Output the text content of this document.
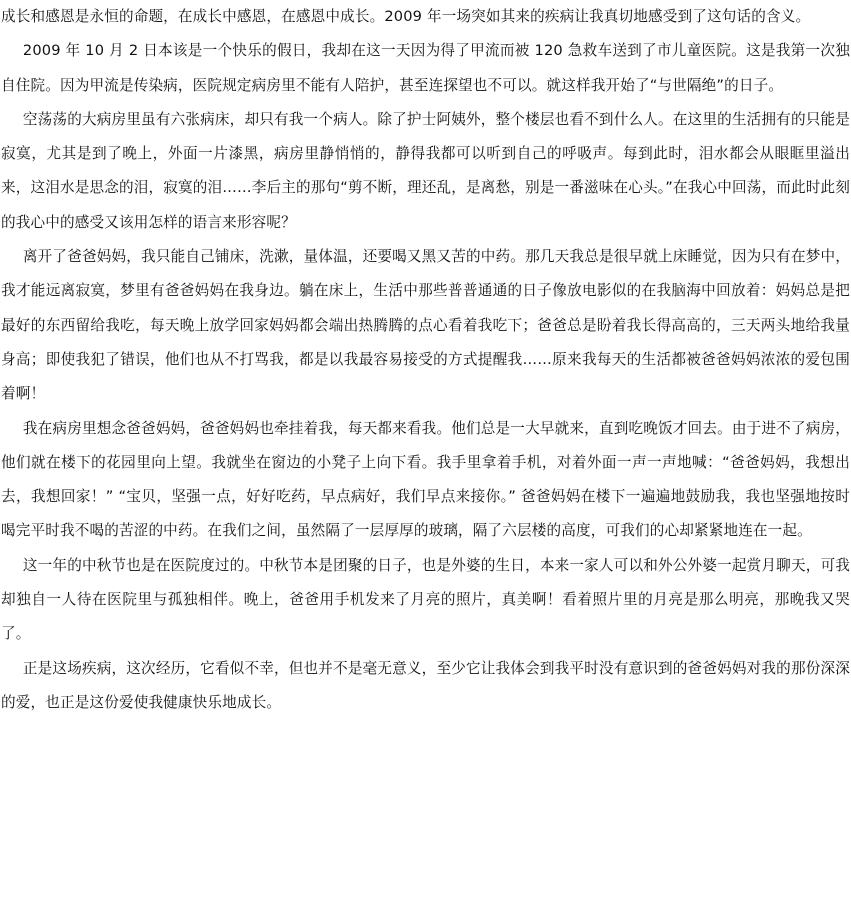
成长和感恩是永恒的命题，在成长中感恩，在感恩中成长。2009 年一场突如其来的疾病让我真切地感受到了这句话的含义。

2009 年 10 月 2 日本该是一个快乐的假日，我却在这一天因为得了甲流而被 120 急救车送到了市儿童医院。这是我第一次独自住院。因为甲流是传染病，医院规定病房里不能有人陪护，甚至连探望也不可以。就这样我开始了“与世隔绝”的日子。

空荡荡的大病房里虽有六张病床，却只有我一个病人。除了护士阿姨外，整个楼层也看不到什么人。在这里的生活拥有的只能是寂寞，尤其是到了晚上，外面一片漆黑，病房里静悄悄的，静得我都可以听到自己的呼吸声。每到此时，泪水都会从眼眶里溢出来，这泪水是思念的泪，寂寞的泪……李后主的那句“剪不断，理还乱，是离愁，别是一番滋味在心头。”在我心中回荡，而此时此刻的我心中的感受又该用怎样的语言来形容呢？

离开了爸爸妈妈，我只能自己铺床，洗漱，量体温，还要喝又黑又苦的中药。那几天我总是很早就上床睡觉，因为只有在梦中，我才能远离寂寞，梦里有爸爸妈妈在我身边。躺在床上，生活中那些普普通通的日子像放电影似的在我脑海中回放着：妈妈总是把最好的东西留给我吃，每天晚上放学回家妈妈都会端出热腾腾的点心看着我吃下；爸爸总是盼着我长得高高的，三天两头地给我量身高；即使我犯了错误，他们也从不打骂我，都是以我最容易接受的方式提醒我……原来我每天的生活都被爸爸妈妈浓浓的爱包围着啊！

我在病房里想念爸爸妈妈，爸爸妈妈也牵挂着我，每天都来看我。他们总是一大早就来，直到吃晚饭才回去。由于进不了病房，他们就在楼下的花园里向上望。我就坐在窗边的小凳子上向下看。我手里拿着手机，对着外面一声一声地喊：“爸爸妈妈，我想出去，我想回家！” “宝贝，坚强一点，好好吃药，早点病好，我们早点来接你。” 爸爸妈妈在楼下一遍遍地鼓励我，我也坚强地按时喝完平时我不喝的苦涩的中药。在我们之间，虽然隔了一层厚厚的玻璃，隔了六层楼的高度，可我们的心却紧紧地连在一起。

这一年的中秋节也是在医院度过的。中秋节本是团聚的日子，也是外婆的生日，本来一家人可以和外公外婆一起赏月聊天，可我却独自一人待在医院里与孤独相伴。晚上，爸爸用手机发来了月亮的照片，真美啊！看着照片里的月亮是那么明亮，那晚我又哭了。

正是这场疾病，这次经历，它看似不幸，但也并不是毫无意义，至少它让我体会到我平时没有意识到的爸爸妈妈对我的那份深深的爱，也正是这份爱使我健康快乐地成长。
